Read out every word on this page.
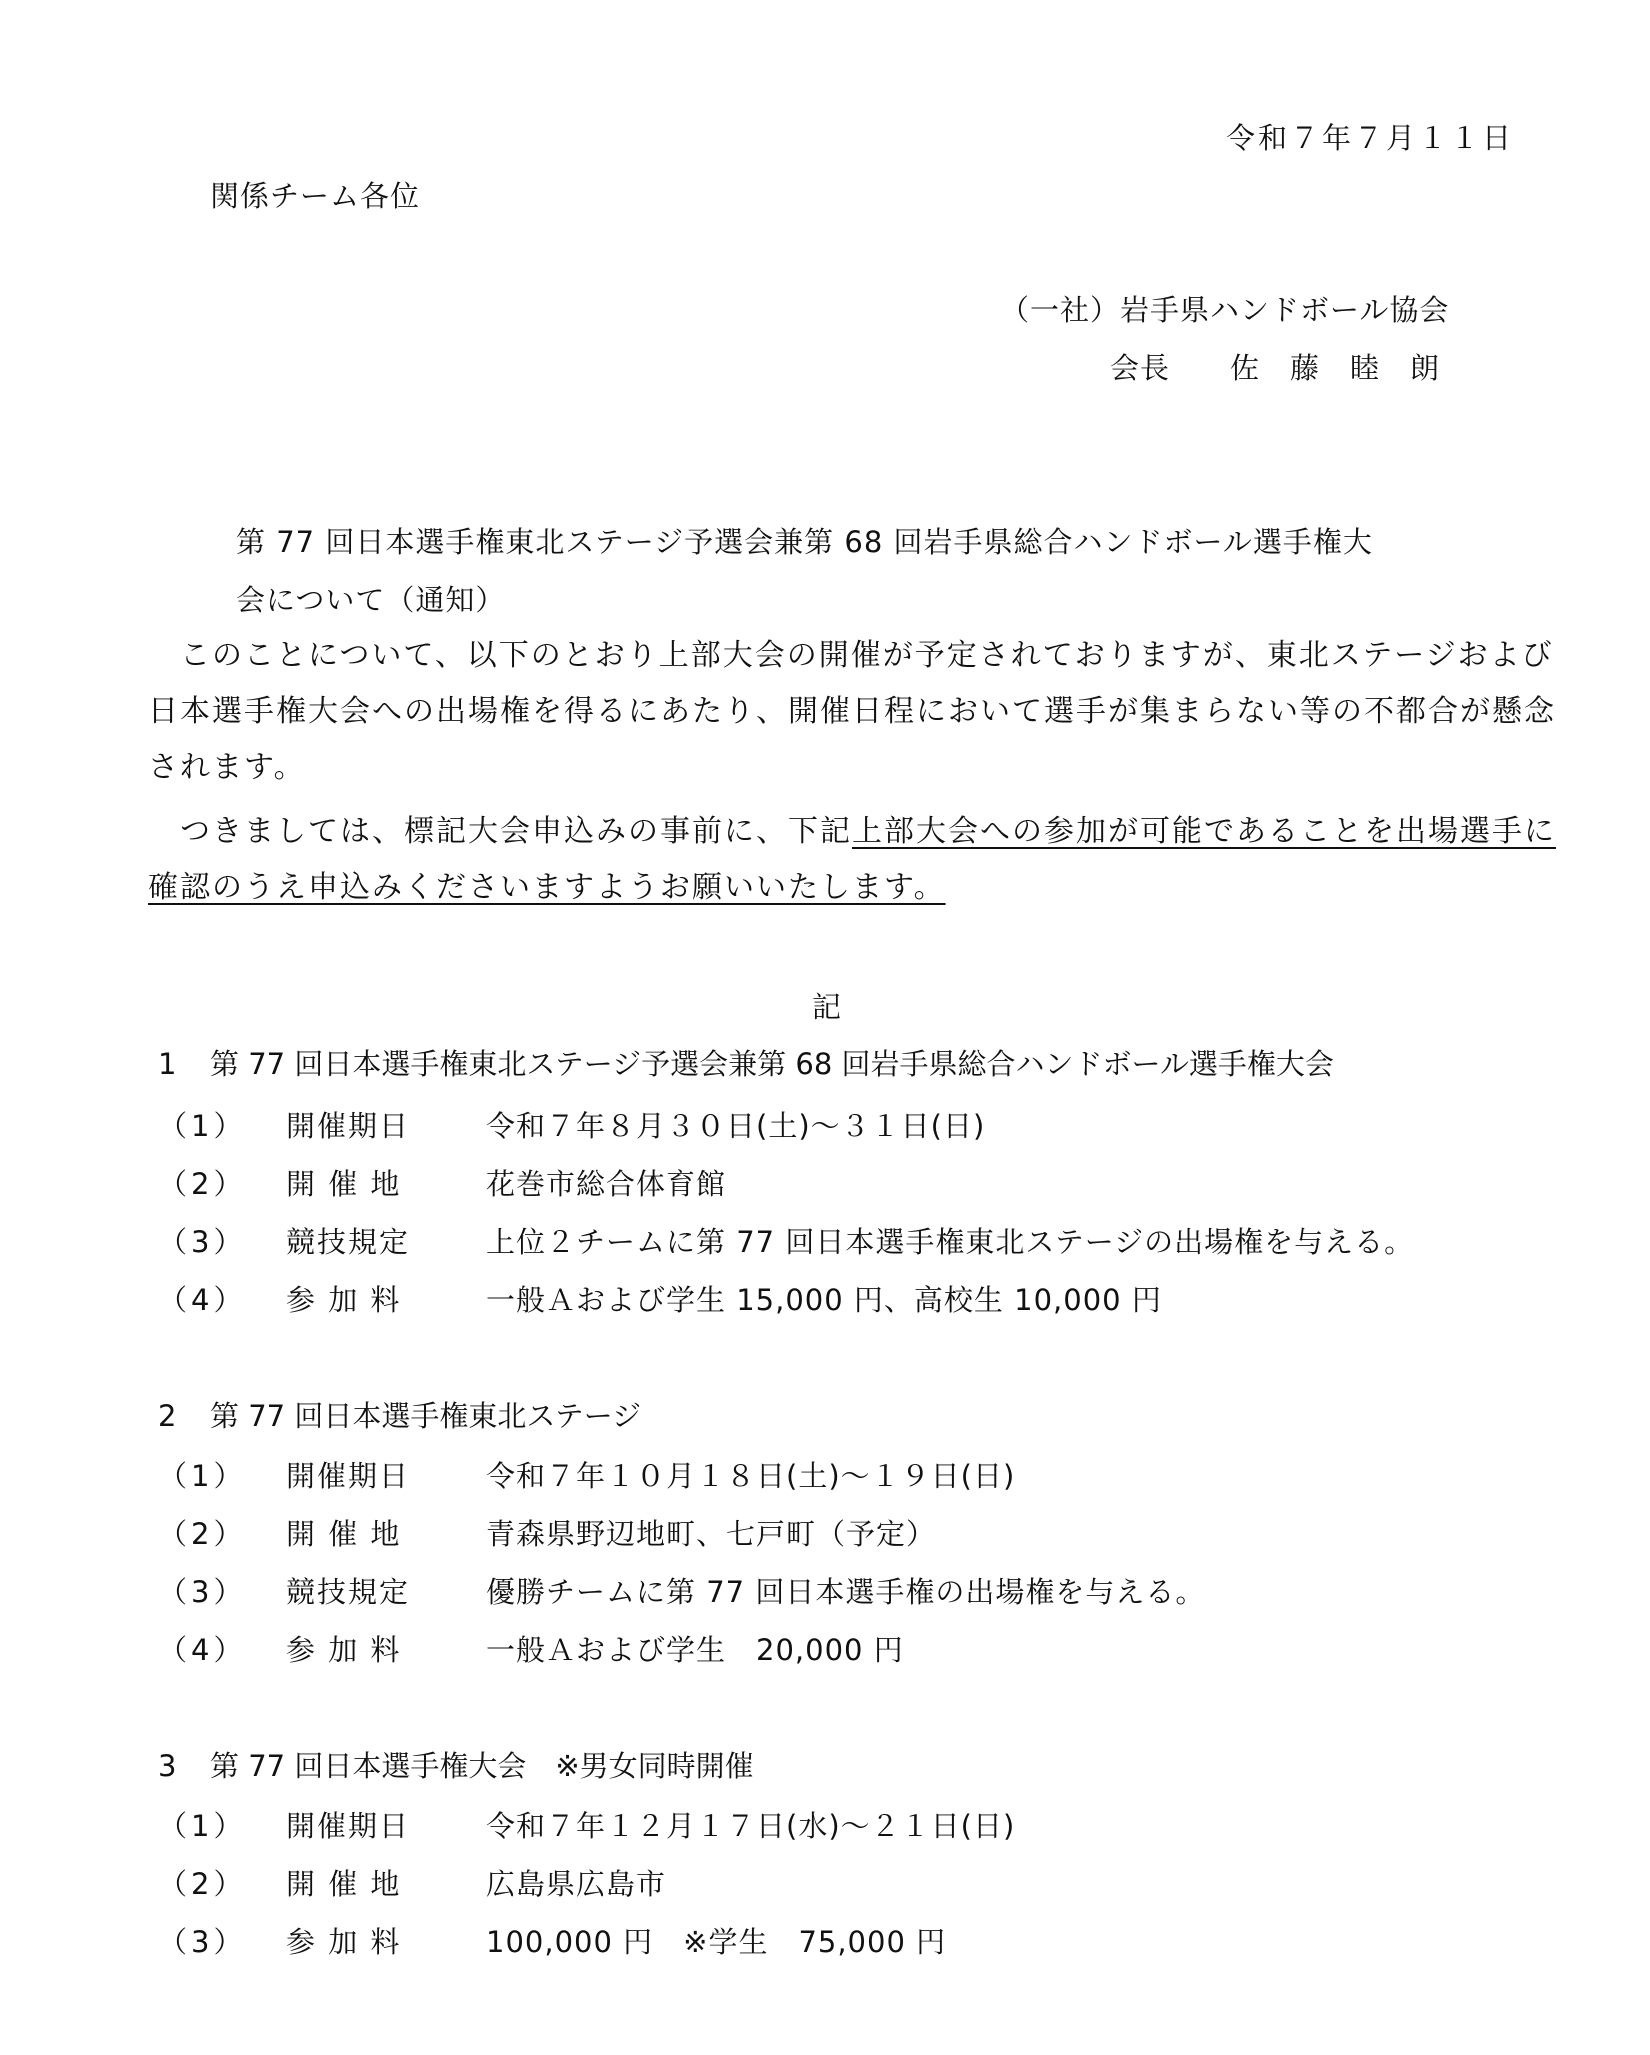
令和７年７月１１日
関係チーム各位
（一社）岩手県ハンドボール協会
会長　　佐　藤　睦　朗
第 77 回日本選手権東北ステージ予選会兼第 68 回岩手県総合ハンドボール選手権大
会について（通知）
このことについて、以下のとおり上部大会の開催が予定されておりますが、東北ステージおよび
日本選手権大会への出場権を得るにあたり、開催日程において選手が集まらない等の不都合が懸念
されます。
つきましては、標記大会申込みの事前に、下記上部大会への参加が可能であることを出場選手に
確認のうえ申込みくださいますようお願いいたします。
記
1 第 77 回日本選手権東北ステージ予選会兼第 68 回岩手県総合ハンドボール選手権大会
（1） 開催期日	令和７年８月３０日(土)～３１日(日)
（2） 開 催 地	花巻市総合体育館
（3） 競技規定	上位２チームに第 77 回日本選手権東北ステージの出場権を与える。
（4） 参 加 料	一般Ａおよび学生 15,000 円、高校生 10,000 円
2 第 77 回日本選手権東北ステージ
（1） 開催期日	令和７年１０月１８日(土)～１９日(日)
（2） 開 催 地	青森県野辺地町、七戸町（予定）
（3） 競技規定	優勝チームに第 77 回日本選手権の出場権を与える。
（4） 参 加 料	一般Ａおよび学生　20,000 円
3 第 77 回日本選手権大会　※男女同時開催
（1） 開催期日	令和７年１２月１７日(水)～２１日(日)
（2） 開 催 地	広島県広島市
（3） 参 加 料	100,000 円　※学生　75,000 円
